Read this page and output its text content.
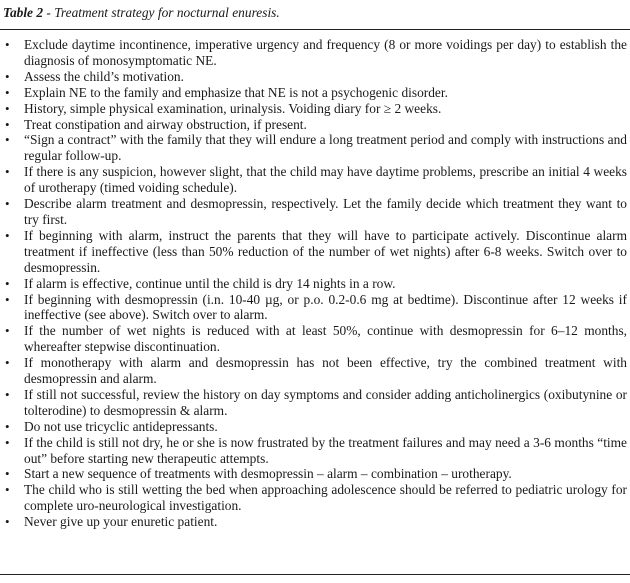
Table 2 - Treatment strategy for nocturnal enuresis.
• Exclude daytime incontinence, imperative urgency and frequency (8 or more voidings per day) to establish the diagnosis of monosymptomatic NE.
• Assess the child’s motivation.
• Explain NE to the family and emphasize that NE is not a psychogenic disorder.
• History, simple physical examination, urinalysis. Voiding diary for ≥ 2 weeks.
• Treat constipation and airway obstruction, if present.
• “Sign a contract” with the family that they will endure a long treatment period and comply with instructions and regular follow-up.
• If there is any suspicion, however slight, that the child may have daytime problems, prescribe an initial 4 weeks of urotherapy (timed voiding schedule).
• Describe alarm treatment and desmopressin, respectively. Let the family decide which treatment they want to try first.
• If beginning with alarm, instruct the parents that they will have to participate actively. Discontinue alarm treatment if ineffective (less than 50% reduction of the number of wet nights) after 6-8 weeks. Switch over to desmopressin.
• If alarm is effective, continue until the child is dry 14 nights in a row.
• If beginning with desmopressin (i.n. 10-40 µg, or p.o. 0.2-0.6 mg at bedtime). Discontinue after 12 weeks if ineffective (see above). Switch over to alarm.
• If the number of wet nights is reduced with at least 50%, continue with desmopressin for 6–12 months, whereafter stepwise discontinuation.
• If monotherapy with alarm and desmopressin has not been effective, try the combined treatment with desmopressin and alarm.
• If still not successful, review the history on day symptoms and consider adding anticholinergics (oxibutynine or tolterodine) to desmopressin & alarm.
• Do not use tricyclic antidepressants.
• If the child is still not dry, he or she is now frustrated by the treatment failures and may need a 3-6 months “time out” before starting new therapeutic attempts.
• Start a new sequence of treatments with desmopressin – alarm – combination – urotherapy.
• The child who is still wetting the bed when approaching adolescence should be referred to pediatric urology for complete uro-neurological investigation.
• Never give up your enuretic patient.
